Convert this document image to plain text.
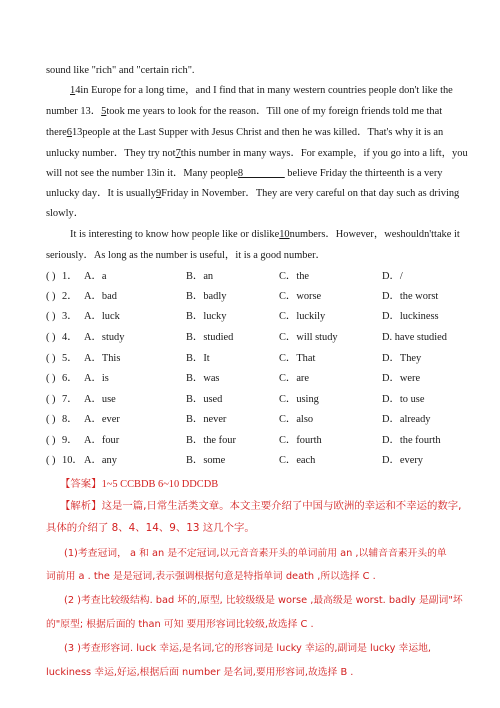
sound like "rich" and "certain rich".
14in Europe for a long time，and I find that in many western countries people don't like the
number 13．5took me years to look for the reason．Till one of my foreign friends told me that
there613people at the Last Supper with Jesus Christ and then he was killed．That's why it is an
unlucky number．They try not7this number in many ways．For example，if you go into a lift，you
will not see the number 13in it．Many people8________ believe Friday the thirteenth is a very
unlucky day．It is usually9Friday in November．They are very careful on that day such as driving
slowly．
It is interesting to know how people like or dislike10numbers．However，weshouldn'ttake it
seriously．As long as the number is useful，it is a good number．
( ) 1． A．a	B．an	C．the	D．/
( ) 2． A．bad	B．badly	C．worse	D．the worst
( ) 3． A．luck	B．lucky	C．luckily	D．luckiness
( ) 4． A．study	B．studied	C．will study	D. have studied
( ) 5． A．This	B．It	C．That	D．They
( ) 6． A．is	B．was	C．are	D．were
( ) 7． A．use	B．used	C．using	D．to use
( ) 8． A．ever	B．never	C．also	D．already
( ) 9． A．four	B．the four	C．fourth	D．the fourth
( ) 10． A．any	B．some	C．each	D．every
【答案】1~5 CCBDB 6~10 DDCDB
【解析】这是一篇,日常生活类文章。本文主要介绍了中国与欧洲的幸运和不幸运的数字,
具体的介绍了 8、4、14、9、13 这几个字。
(1)考查冠词， a 和 an 是不定冠词,以元音音素开头的单词前用 an ,以辅音音素开头的单
词前用 a . the 是是冠词,表示强调根据句意是特指单词 death ,所以选择 C .
(2 )考查比较级结构. bad 坏的,原型, 比较级级是 worse ,最高级是 worst. badly 是副词"坏
的"原型; 根据后面的 than 可知 要用形容词比较级,故选择 C .
(3 )考查形容词. luck 幸运,是名词,它的形容词是 lucky 幸运的,副词是 lucky 幸运地,
luckiness 幸运,好运,根据后面 number 是名词,要用形容词,故选择 B .
